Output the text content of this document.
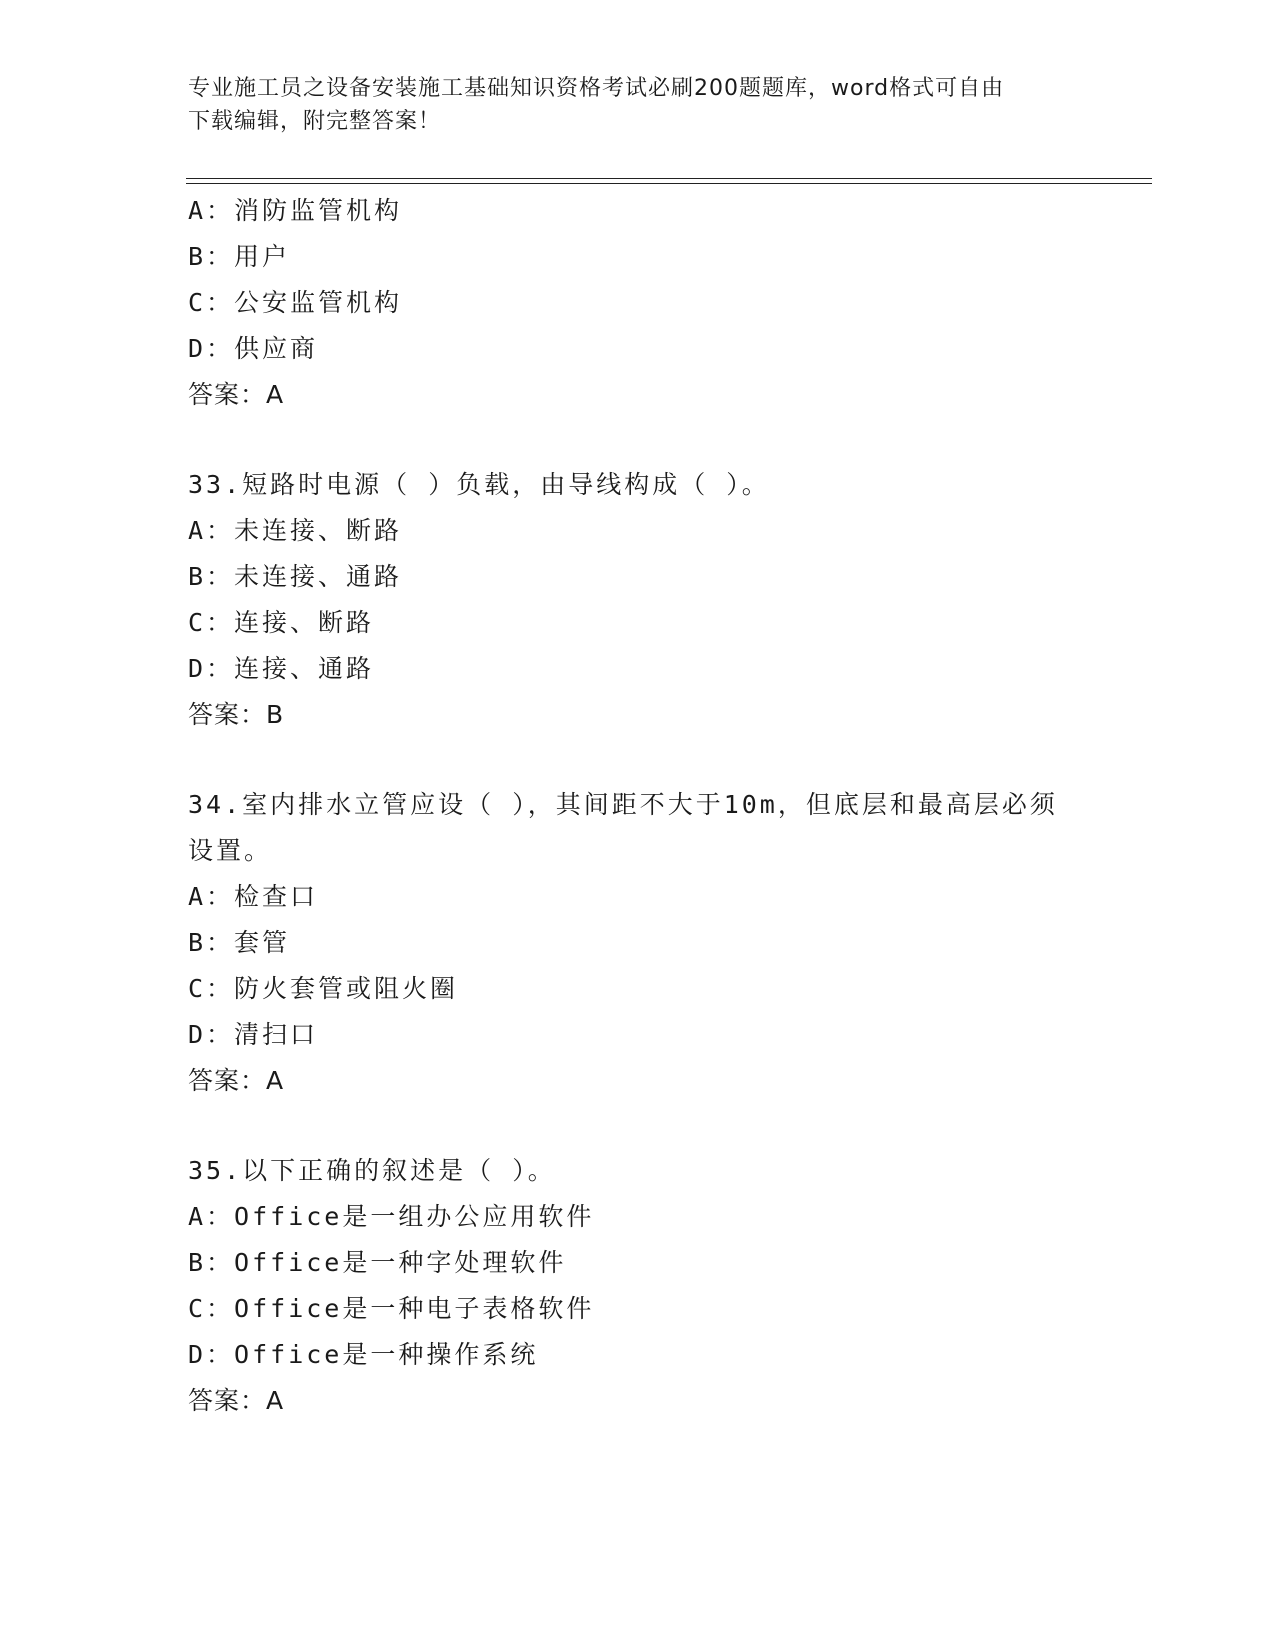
专业施工员之设备安装施工基础知识资格考试必刷200题题库，word格式可自由
下载编辑，附完整答案！
A：消防监管机构
B：用户
C：公安监管机构
D：供应商
答案：A
33.短路时电源（ ）负载，由导线构成（ ）。
A：未连接、断路
B：未连接、通路
C：连接、断路
D：连接、通路
答案：B
34.室内排水立管应设（ ），其间距不大于10m，但底层和最高层必须
设置。
A：检查口
B：套管
C：防火套管或阻火圈
D：清扫口
答案：A
35.以下正确的叙述是（ ）。
A：Office是一组办公应用软件
B：Office是一种字处理软件
C：Office是一种电子表格软件
D：Office是一种操作系统
答案：A
